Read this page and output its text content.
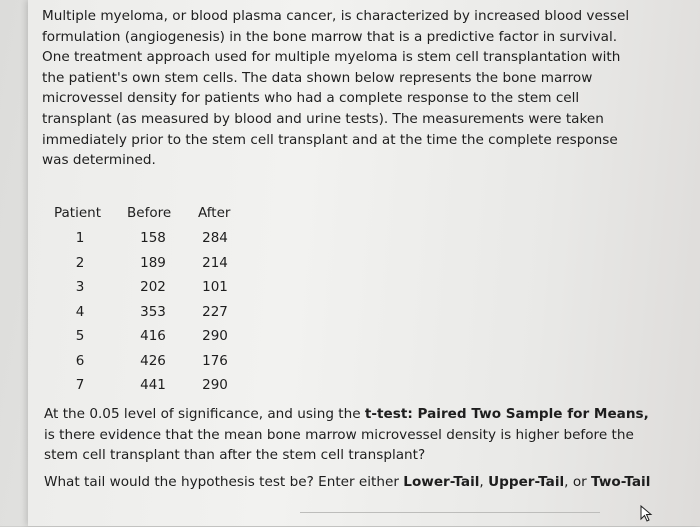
Multiple myeloma, or blood plasma cancer, is characterized by increased blood vessel formulation (angiogenesis) in the bone marrow that is a predictive factor in survival. One treatment approach used for multiple myeloma is stem cell transplantation with the patient's own stem cells. The data shown below represents the bone marrow microvessel density for patients who had a complete response to the stem cell transplant (as measured by blood and urine tests). The measurements were taken immediately prior to the stem cell transplant and at the time the complete response was determined.

Patient Before After
1	158	284
2	189	214
3	202	101
4	353	227
5	416	290
6	426	176
7	441	290

At the 0.05 level of significance, and using the t-test: Paired Two Sample for Means, is there evidence that the mean bone marrow microvessel density is higher before the stem cell transplant than after the stem cell transplant?

What tail would the hypothesis test be? Enter either Lower-Tail, Upper-Tail, or Two-Tail
